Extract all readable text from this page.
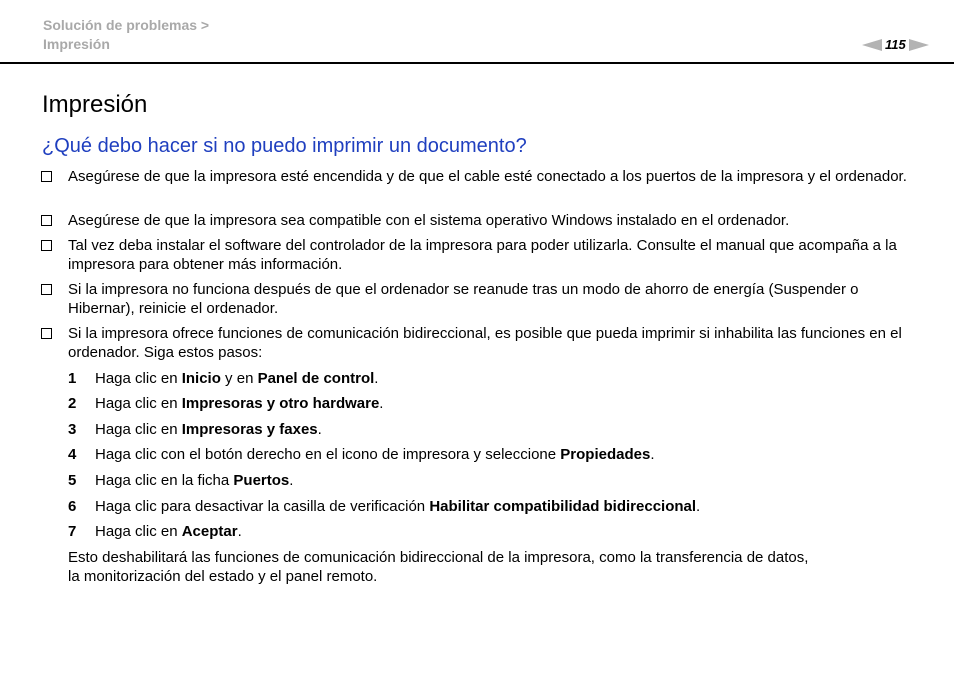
Solución de problemas >
Impresión	115
Impresión
¿Qué debo hacer si no puedo imprimir un documento?
Asegúrese de que la impresora esté encendida y de que el cable esté conectado a los puertos de la impresora y el ordenador.
Asegúrese de que la impresora sea compatible con el sistema operativo Windows instalado en el ordenador.
Tal vez deba instalar el software del controlador de la impresora para poder utilizarla. Consulte el manual que acompaña a la impresora para obtener más información.
Si la impresora no funciona después de que el ordenador se reanude tras un modo de ahorro de energía (Suspender o Hibernar), reinicie el ordenador.
Si la impresora ofrece funciones de comunicación bidireccional, es posible que pueda imprimir si inhabilita las funciones en el ordenador. Siga estos pasos:
1 Haga clic en Inicio y en Panel de control.
2 Haga clic en Impresoras y otro hardware.
3 Haga clic en Impresoras y faxes.
4 Haga clic con el botón derecho en el icono de impresora y seleccione Propiedades.
5 Haga clic en la ficha Puertos.
6 Haga clic para desactivar la casilla de verificación Habilitar compatibilidad bidireccional.
7 Haga clic en Aceptar.
Esto deshabilitará las funciones de comunicación bidireccional de la impresora, como la transferencia de datos,
la monitorización del estado y el panel remoto.
